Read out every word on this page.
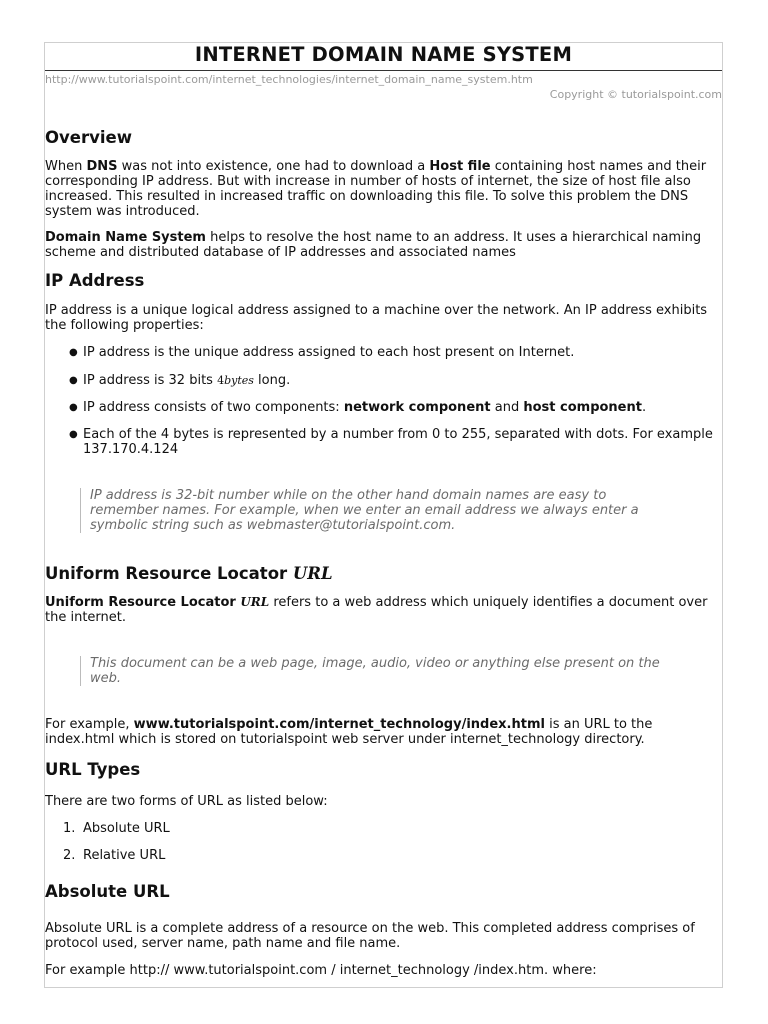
INTERNET DOMAIN NAME SYSTEM

http://www.tutorialspoint.com/internet_technologies/internet_domain_name_system.htm

Copyright © tutorialspoint.com

Overview

When DNS was not into existence, one had to download a Host file containing host names and their corresponding IP address. But with increase in number of hosts of internet, the size of host file also increased. This resulted in increased traffic on downloading this file. To solve this problem the DNS system was introduced.

Domain Name System helps to resolve the host name to an address. It uses a hierarchical naming scheme and distributed database of IP addresses and associated names

IP Address

IP address is a unique logical address assigned to a machine over the network. An IP address exhibits the following properties:

● IP address is the unique address assigned to each host present on Internet.
● IP address is 32 bits 4bytes long.
● IP address consists of two components: network component and host component.
● Each of the 4 bytes is represented by a number from 0 to 255, separated with dots. For example 137.170.4.124
IP address is 32-bit number while on the other hand domain names are easy to remember names. For example, when we enter an email address we always enter a symbolic string such as webmaster@tutorialspoint.com.
Uniform Resource Locator URL

Uniform Resource Locator URL refers to a web address which uniquely identifies a document over the internet.

This document can be a web page, image, audio, video or anything else present on the web.

For example, www.tutorialspoint.com/internet_technology/index.html is an URL to the index.html which is stored on tutorialspoint web server under internet_technology directory.

URL Types

There are two forms of URL as listed below:

1. Absolute URL
2. Relative URL
Absolute URL

Absolute URL is a complete address of a resource on the web. This completed address comprises of protocol used, server name, path name and file name.

For example http:// www.tutorialspoint.com / internet_technology /index.htm. where:
